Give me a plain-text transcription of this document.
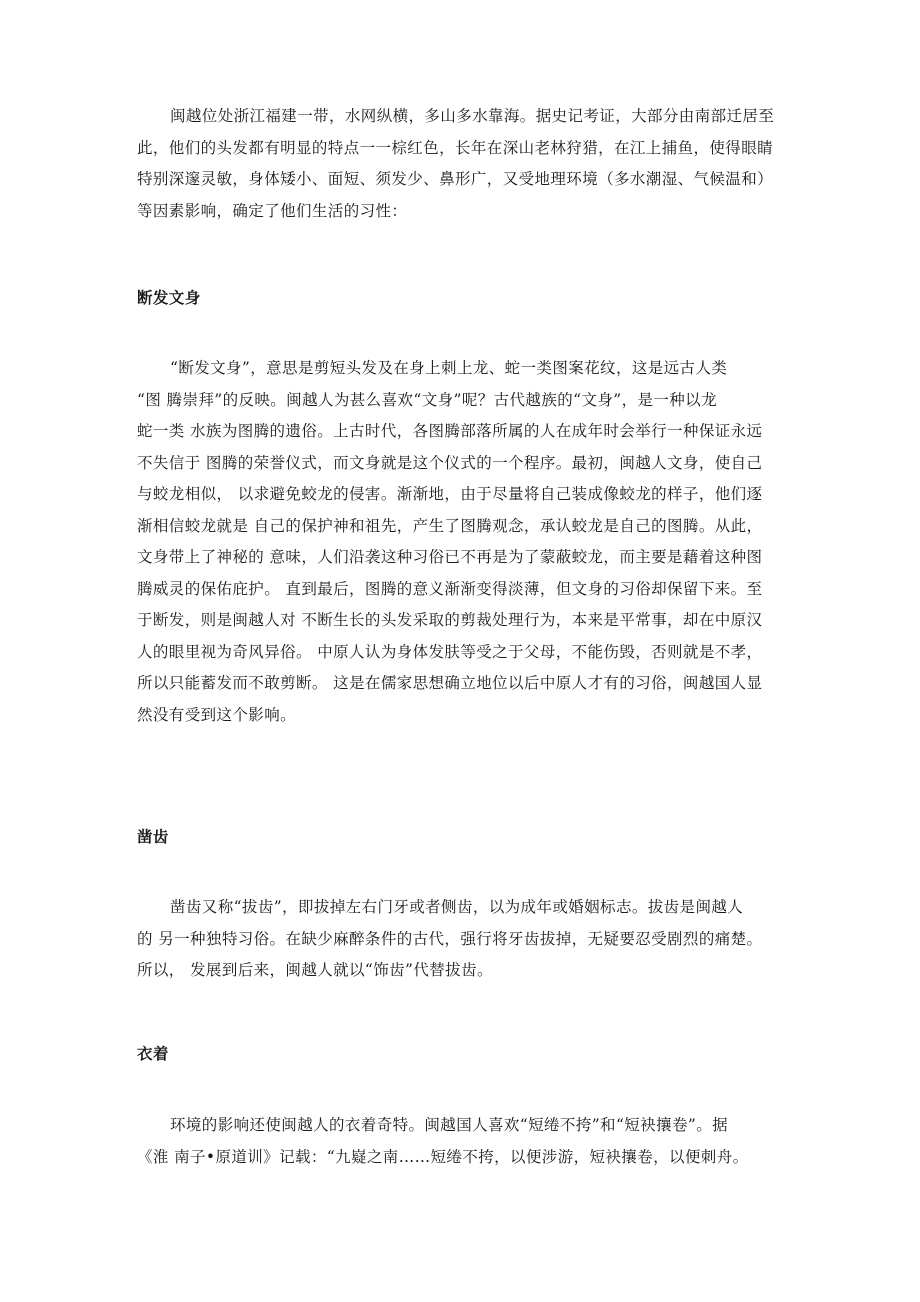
闽越位处浙江福建一带，水网纵横，多山多水靠海。据史记考证，大部分由南部迁居至
此，他们的头发都有明显的特点一一棕红色，长年在深山老林狩猎，在江上捕鱼，使得眼睛
特别深邃灵敏，身体矮小、面短、须发少、鼻形广，又受地理环境（多水潮湿、气候温和）
等因素影响，确定了他们生活的习性：
断发文身
“断发文身”，意思是剪短头发及在身上刺上龙、蛇一类图案花纹，这是远古人类
“图 腾崇拜”的反映。闽越人为甚么喜欢“文身”呢？古代越族的“文身”，是一种以龙
蛇一类 水族为图腾的遗俗。上古时代，各图腾部落所属的人在成年时会举行一种保证永远
不失信于 图腾的荣誉仪式，而文身就是这个仪式的一个程序。最初，闽越人文身，使自己
与蛟龙相似， 以求避免蛟龙的侵害。渐渐地，由于尽量将自己装成像蛟龙的样子，他们逐
渐相信蛟龙就是 自己的保护神和祖先，产生了图腾观念，承认蛟龙是自己的图腾。从此，
文身带上了神秘的 意味，人们沿袭这种习俗已不再是为了蒙蔽蛟龙，而主要是藉着这种图
腾威灵的保佑庇护。 直到最后，图腾的意义渐渐变得淡薄，但文身的习俗却保留下来。至
于断发，则是闽越人对 不断生长的头发采取的剪裁处理行为，本来是平常事，却在中原汉
人的眼里视为奇风异俗。 中原人认为身体发肤等受之于父母，不能伤毁，否则就是不孝，
所以只能蓄发而不敢剪断。 这是在儒家思想确立地位以后中原人才有的习俗，闽越国人显
然没有受到这个影响。
凿齿
凿齿又称“拔齿”，即拔掉左右门牙或者侧齿，以为成年或婚姻标志。拔齿是闽越人
的 另一种独特习俗。在缺少麻醉条件的古代，强行将牙齿拔掉，无疑要忍受剧烈的痛楚。
所以， 发展到后来，闽越人就以“饰齿”代替拔齿。
衣着
环境的影响还使闽越人的衣着奇特。闽越国人喜欢“短绻不挎”和“短袂攘卷”。据
《淮 南子•原道训》记载：“九嶷之南……短绻不挎，以便涉游，短袂攘卷，以便刺舟。
